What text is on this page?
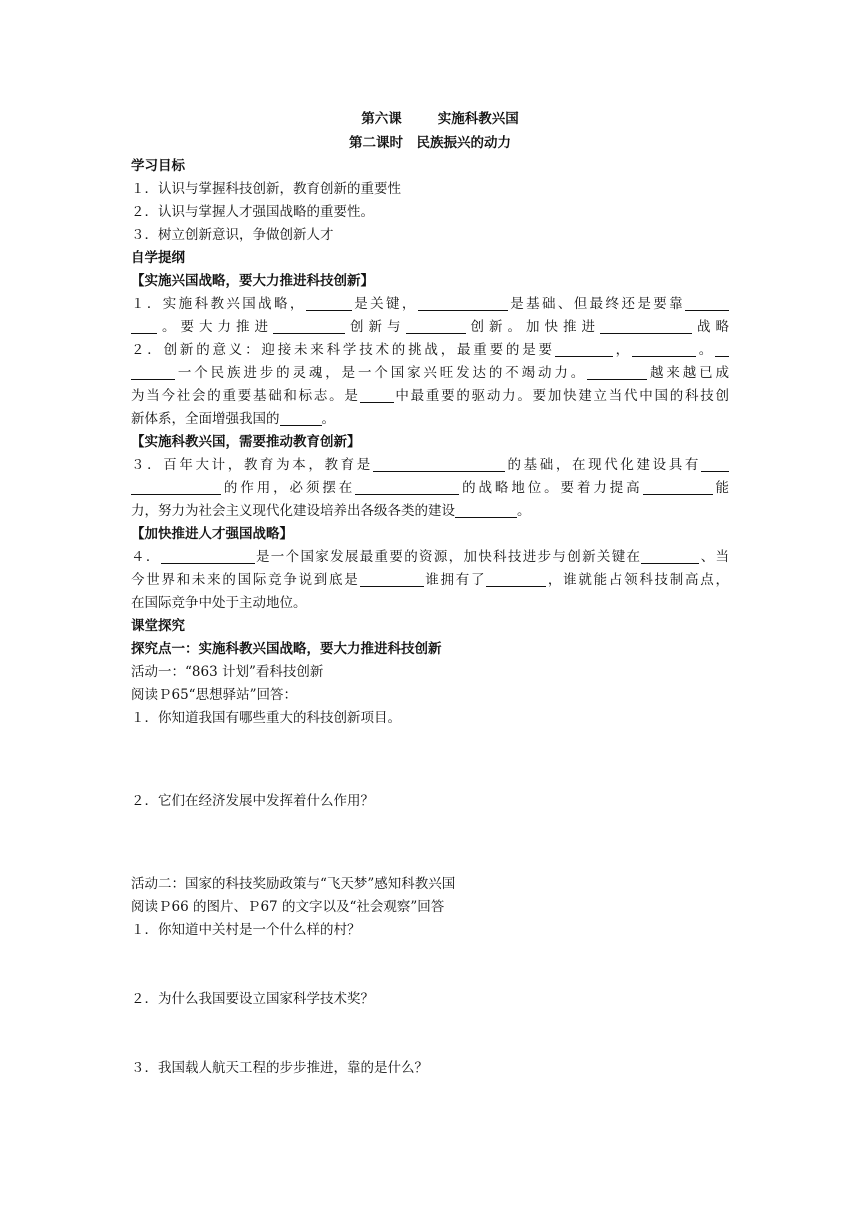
第六课	实施科教兴国
第二课时　民族振兴的动力
学习目标
１．认识与掌握科技创新，教育创新的重要性
２．认识与掌握人才强国战略的重要性。
３．树立创新意识，争做创新人才
自学提纲
【实施兴国战略，要大力推进科技创新】
１．实施科教兴国战略，	是关键，	是基础、但最终还是要靠
。要大力推进	创新与	创新。加快推进	战略
２．创新的意义：迎接未来科学技术的挑战，最重要的是要	，	。
一个民族进步的灵魂，是一个国家兴旺发达的不竭动力。	越来越已成
为当今社会的重要基础和标志。是	中最重要的驱动力。要加快建立当代中国的科技创
新体系，全面增强我国的	。
【实施科教兴国，需要推动教育创新】
３．百年大计，教育为本，教育是	的基础，在现代化建设具有
的作用，必须摆在	的战略地位。要着力提高	能
力，努力为社会主义现代化建设培养出各级各类的建设	。
【加快推进人才强国战略】
４．	是一个国家发展最重要的资源，加快科技进步与创新关键在	、当
今世界和未来的国际竞争说到底是	谁拥有了	，谁就能占领科技制高点，
在国际竞争中处于主动地位。
课堂探究
探究点一：实施科教兴国战略，要大力推进科技创新
活动一：“863 计划”看科技创新
阅读Ｐ65“思想驿站”回答：
１．你知道我国有哪些重大的科技创新项目。
２．它们在经济发展中发挥着什么作用？
活动二：国家的科技奖励政策与“飞天梦”感知科教兴国
阅读Ｐ66 的图片、Ｐ67 的文字以及“社会观察”回答
１．你知道中关村是一个什么样的村？
２．为什么我国要设立国家科学技术奖？
３．我国载人航天工程的步步推进，靠的是什么？
